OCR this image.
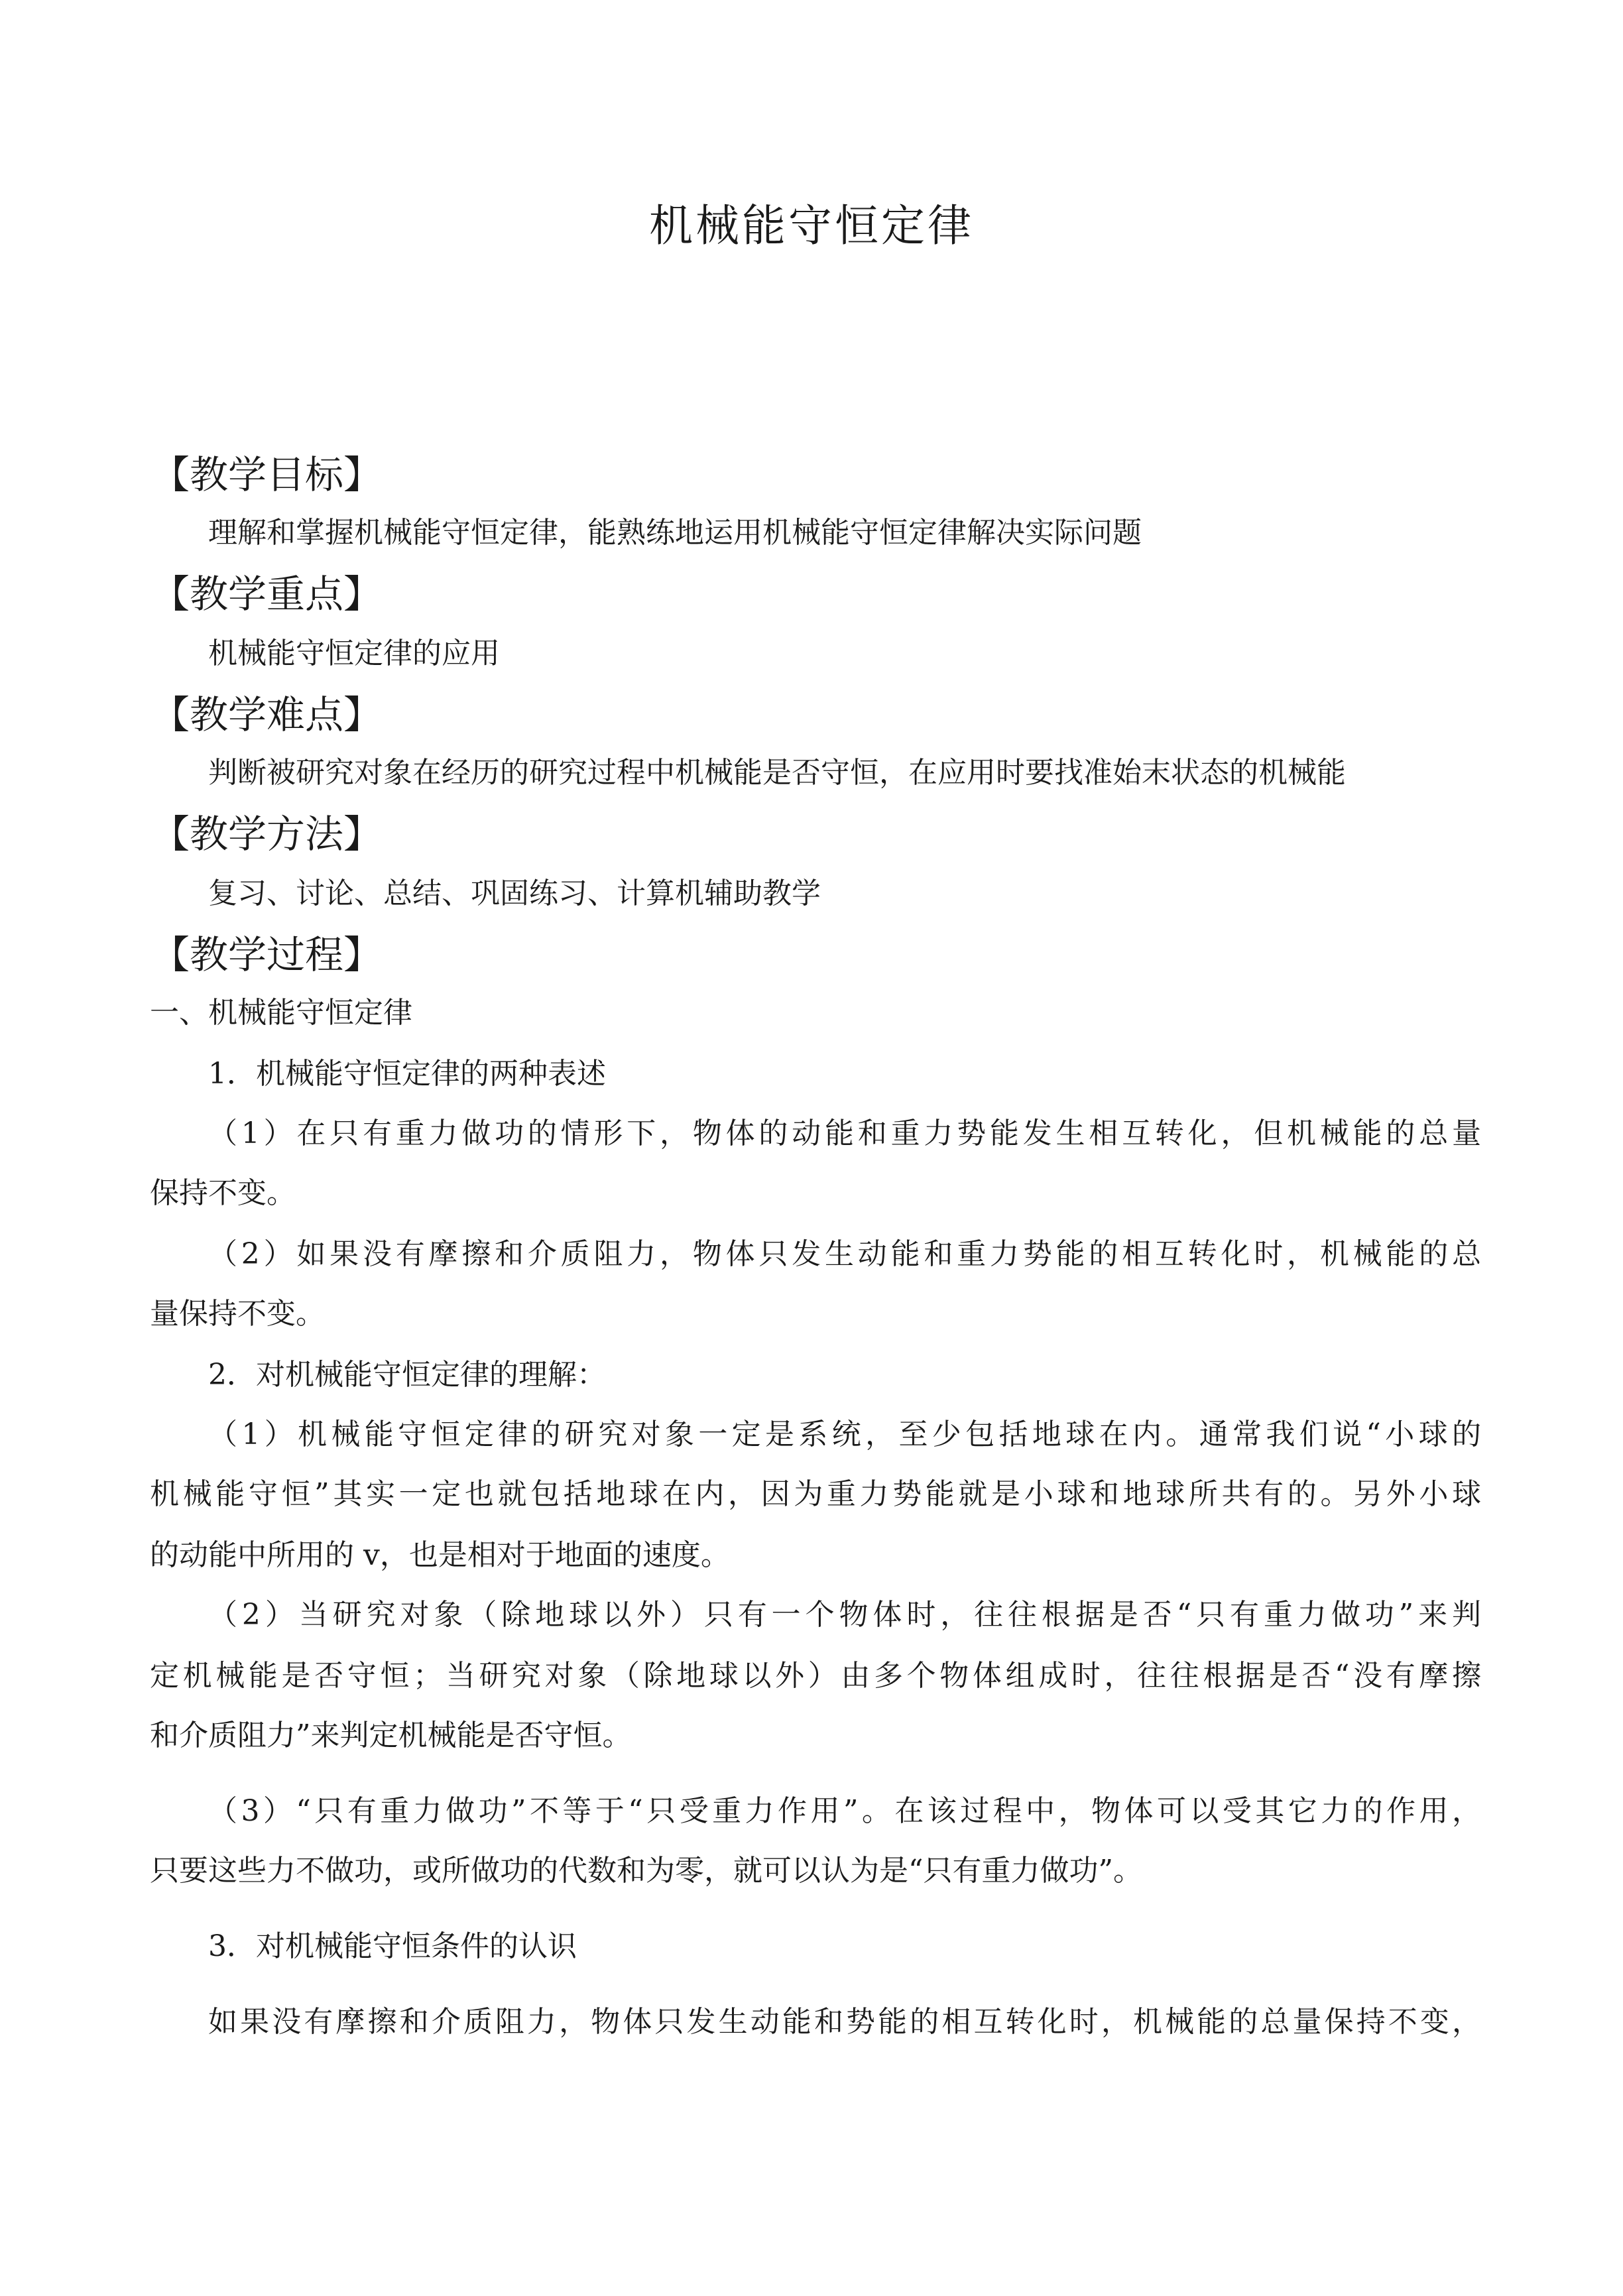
机械能守恒定律
【教学目标】

理解和掌握机械能守恒定律，能熟练地运用机械能守恒定律解决实际问题

【教学重点】

机械能守恒定律的应用

【教学难点】

判断被研究对象在经历的研究过程中机械能是否守恒，在应用时要找准始末状态的机械能

【教学方法】

复习、讨论、总结、巩固练习、计算机辅助教学

【教学过程】

一、机械能守恒定律

1．机械能守恒定律的两种表述

（1）在只有重力做功的情形下，物体的动能和重力势能发生相互转化，但机械能的总量

保持不变。

（2）如果没有摩擦和介质阻力，物体只发生动能和重力势能的相互转化时，机械能的总

量保持不变。

2．对机械能守恒定律的理解：

（1）机械能守恒定律的研究对象一定是系统，至少包括地球在内。通常我们说“小球的

机械能守恒”其实一定也就包括地球在内，因为重力势能就是小球和地球所共有的。另外小球

的动能中所用的 v，也是相对于地面的速度。

（2）当研究对象（除地球以外）只有一个物体时，往往根据是否“只有重力做功”来判

定机械能是否守恒；当研究对象（除地球以外）由多个物体组成时，往往根据是否“没有摩擦

和介质阻力”来判定机械能是否守恒。

（3）“只有重力做功”不等于“只受重力作用”。在该过程中，物体可以受其它力的作用，

只要这些力不做功，或所做功的代数和为零，就可以认为是“只有重力做功”。

3．对机械能守恒条件的认识

如果没有摩擦和介质阻力，物体只发生动能和势能的相互转化时，机械能的总量保持不变，
